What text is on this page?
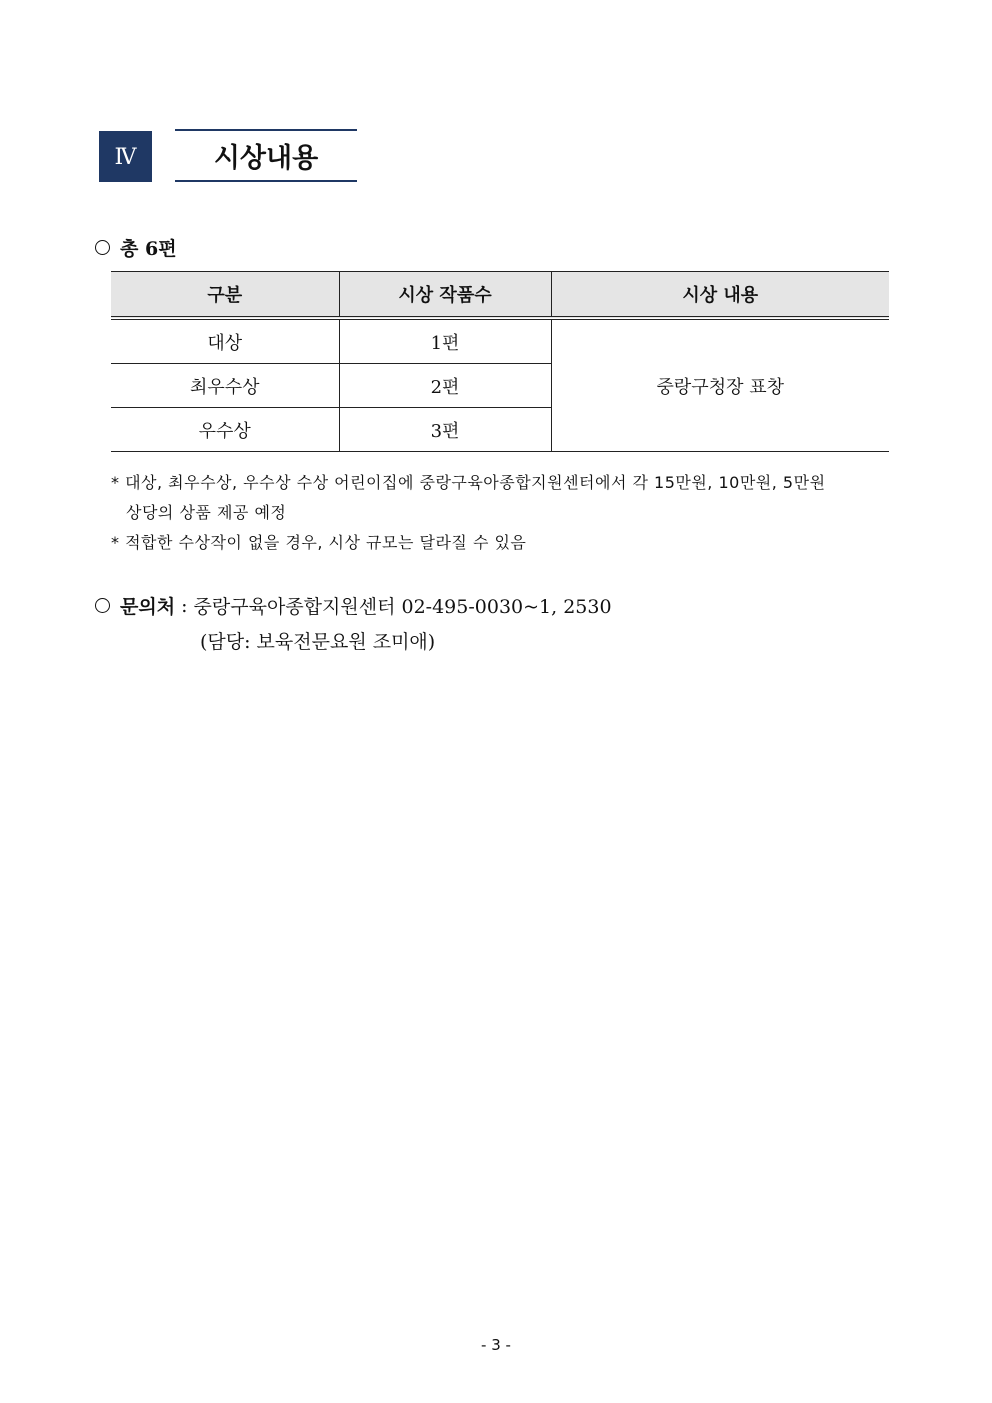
Ⅳ	시상내용
총 6편
구분	시상 작품수	시상 내용
대상	1편	중랑구청장 표창
최우수상	2편	
우수상	3편	
* 대상, 최우수상, 우수상 수상 어린이집에 중랑구육아종합지원센터에서 각 15만원, 10만원, 5만원
상당의 상품 제공 예정
* 적합한 수상작이 없을 경우, 시상 규모는 달라질 수 있음
문의처 : 중랑구육아종합지원센터 02-495-0030~1, 2530
(담당: 보육전문요원 조미애)
- 3 -
